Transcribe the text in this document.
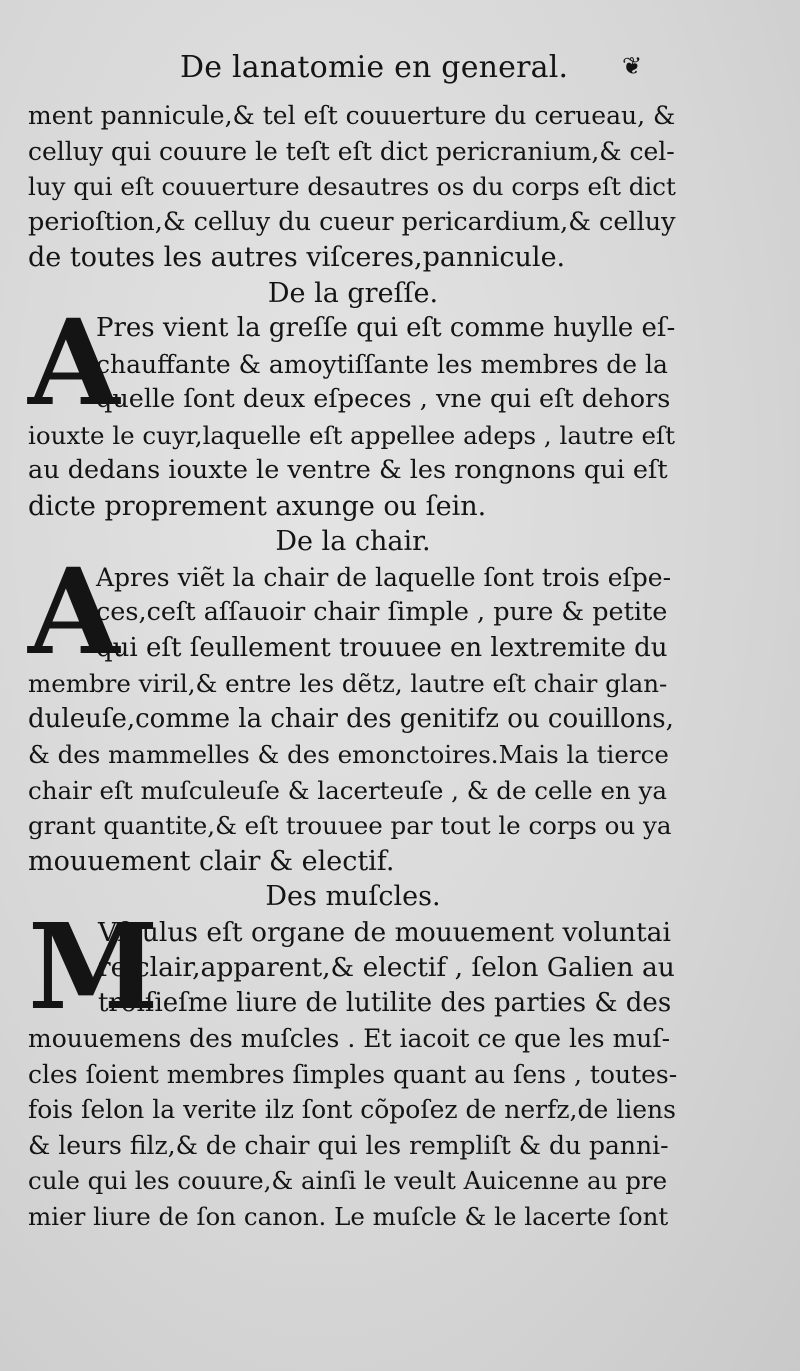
De lanatomie en general. ❦
ment pannicule,& tel eſt couuerture du cerueau, &
celluy qui couure le teſt eſt dict pericranium,& cel-
luy qui eſt couuerture desautres os du corps eſt dict
perioſtion,& celluy du cueur pericardium,& celluy
de toutes les autres viſceres,pannicule.
De la greſſe.
A
Pres vient la greſſe qui eſt comme huylle eſ-
chauffante & amoytiſſante les membres de la
quelle ſont deux eſpeces , vne qui eſt dehors
iouxte le cuyr,laquelle eſt appellee adeps , lautre eſt
au dedans iouxte le ventre & les rongnons qui eſt
dicte proprement axunge ou ſein.
De la chair.
A
Apres viẽt la chair de laquelle ſont trois eſpe-
ces,ceſt aſſauoir chair ſimple , pure & petite
qui eſt ſeullement trouuee en lextremite du
membre viril,& entre les dẽtz, lautre eſt chair glan-
duleuſe,comme la chair des genitifz ou couillons,
& des mammelles & des emonctoires.Mais la tierce
chair eſt muſculeuſe & lacerteuſe , & de celle en ya
grant quantite,& eſt trouuee par tout le corps ou ya
mouuement clair & electif.
Des muſcles.
M
Vſculus eſt organe de mouuement voluntai
re,clair,apparent,& electif , ſelon Galien au
troiſieſme liure de lutilite des parties & des
mouuemens des muſcles . Et iacoit ce que les muſ-
cles ſoient membres ſimples quant au ſens , toutes-
fois ſelon la verite ilz ſont cõpoſez de nerfz,de liens
& leurs filz,& de chair qui les rempliſt & du panni-
cule qui les couure,& ainſi le veult Auicenne au pre
mier liure de ſon canon. Le muſcle & le lacerte ſont
